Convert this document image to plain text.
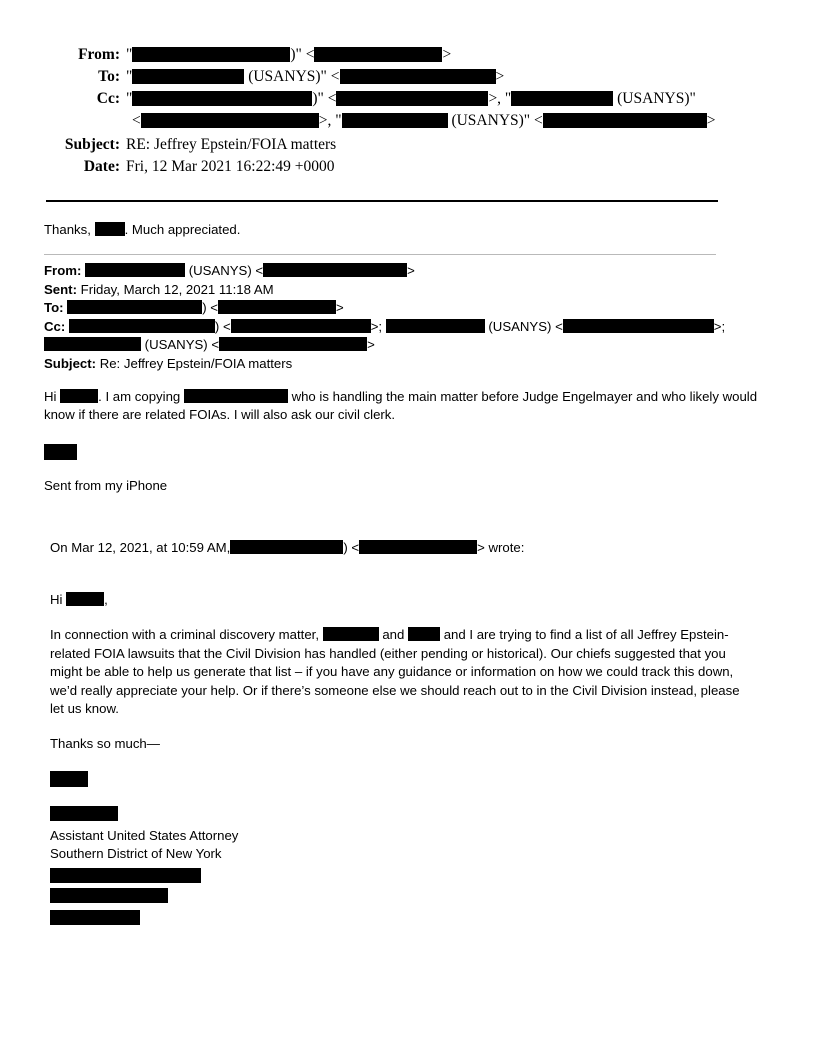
From: "	)" <	>
To: "	(USANYS)" <	>
Cc: "	)" <	>, "	(USANYS)"
<	>, "	(USANYS)" <	>
Subject: RE: Jeffrey Epstein/FOIA matters
Date: Fri, 12 Mar 2021 16:22:49 +0000
Thanks,	. Much appreciated.
From:	(USANYS) <	>
Sent: Friday, March 12, 2021 11:18 AM
To:	) <	>
Cc:	) <	>;	(USANYS) <	>;
(USANYS) <	>
Subject: Re: Jeffrey Epstein/FOIA matters
Hi	. I am copying	who is handling the main matter before Judge Engelmayer and who likely would
know if there are related FOIAs. I will also ask our civil clerk.
Sent from my iPhone
On Mar 12, 2021, at 10:59 AM,	) <	> wrote:
Hi	,
In connection with a criminal discovery matter,	and	and I are trying to find a list of all Jeffrey Epstein-
related FOIA lawsuits that the Civil Division has handled (either pending or historical). Our chiefs suggested that you
might be able to help us generate that list – if you have any guidance or information on how we could track this down,
we’d really appreciate your help. Or if there’s someone else we should reach out to in the Civil Division instead, please
let us know.
Thanks so much—
Assistant United States Attorney
Southern District of New York
